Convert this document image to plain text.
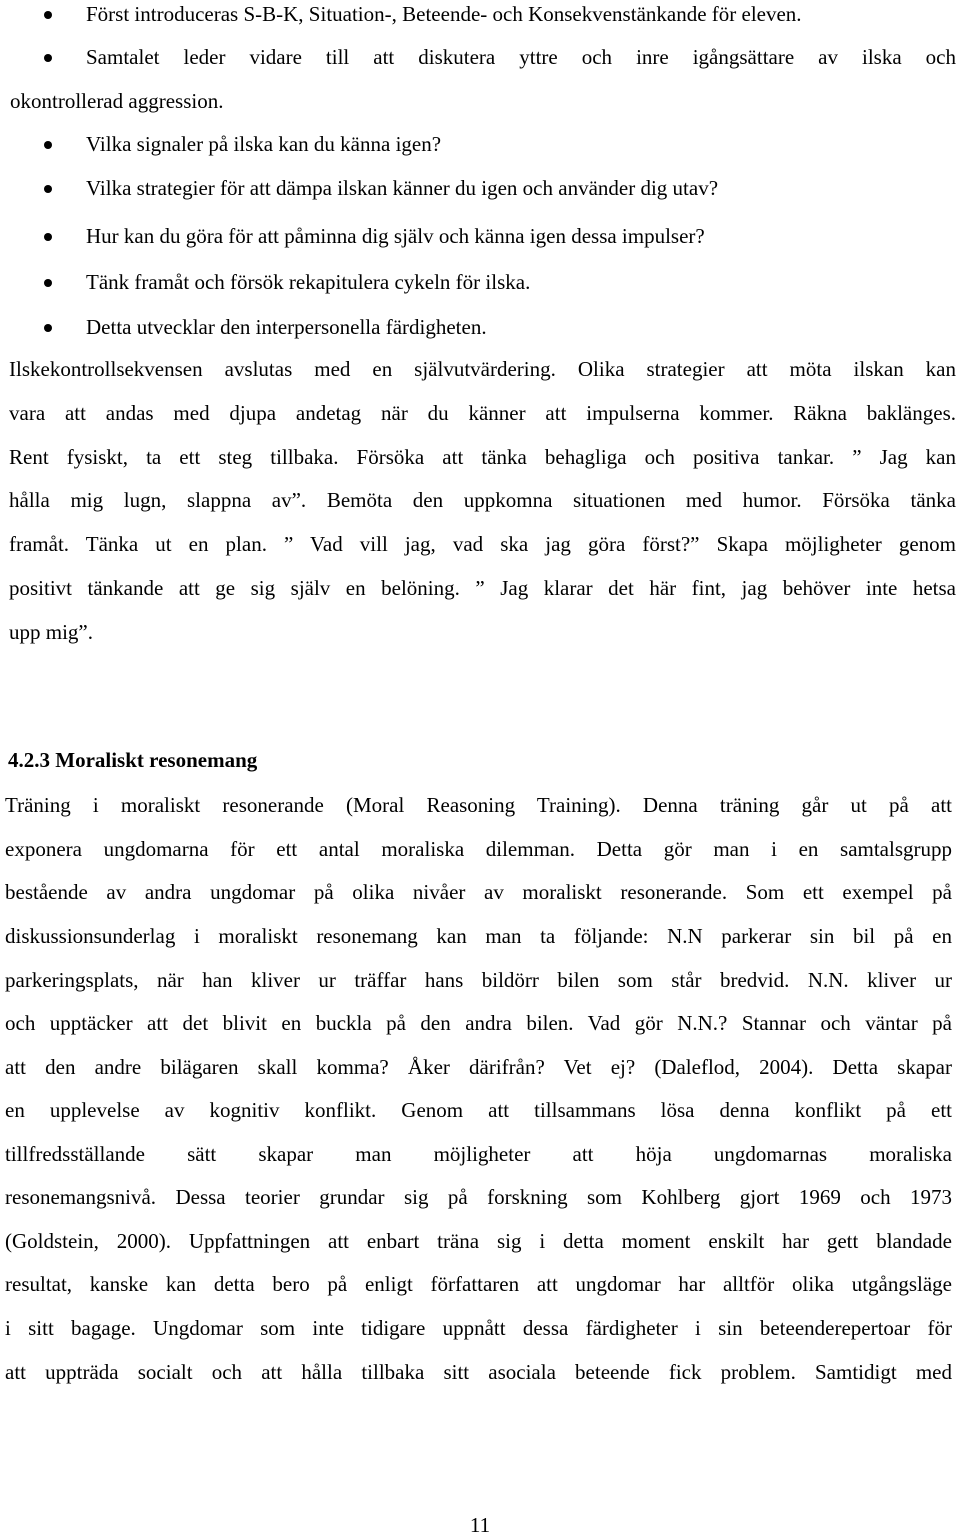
Först introduceras S-B-K, Situation-, Beteende- och Konsekvenstänkande för eleven.
Samtalet leder vidare till att diskutera yttre och inre igångsättare av ilska och
okontrollerad aggression.
Vilka signaler på ilska kan du känna igen?
Vilka strategier för att dämpa ilskan känner du igen och använder dig utav?
Hur kan du göra för att påminna dig själv och känna igen dessa impulser?
Tänk framåt och försök rekapitulera cykeln för ilska.
Detta utvecklar den interpersonella färdigheten.
Ilskekontrollsekvensen avslutas med en självutvärdering. Olika strategier att möta ilskan kan
vara att andas med djupa andetag när du känner att impulserna kommer. Räkna baklänges.
Rent fysiskt, ta ett steg tillbaka. Försöka att tänka behagliga och positiva tankar. ” Jag kan
hålla mig lugn, slappna av”. Bemöta den uppkomna situationen med humor. Försöka tänka
framåt. Tänka ut en plan. ” Vad vill jag, vad ska jag göra först?” Skapa möjligheter genom
positivt tänkande att ge sig själv en belöning. ” Jag klarar det här fint, jag behöver inte hetsa
upp mig”.
4.2.3 Moraliskt resonemang
Träning i moraliskt resonerande (Moral Reasoning Training). Denna träning går ut på att
exponera ungdomarna för ett antal moraliska dilemman. Detta gör man i en samtalsgrupp
bestående av andra ungdomar på olika nivåer av moraliskt resonerande. Som ett exempel på
diskussionsunderlag i moraliskt resonemang kan man ta följande: N.N parkerar sin bil på en
parkeringsplats, när han kliver ur träffar hans bildörr bilen som står bredvid. N.N. kliver ur
och upptäcker att det blivit en buckla på den andra bilen. Vad gör N.N.? Stannar och väntar på
att den andre bilägaren skall komma? Åker därifrån? Vet ej? (Daleflod, 2004). Detta skapar
en upplevelse av kognitiv konflikt. Genom att tillsammans lösa denna konflikt på ett
tillfredsställande sätt skapar man möjligheter att höja ungdomarnas moraliska
resonemangsnivå. Dessa teorier grundar sig på forskning som Kohlberg gjort 1969 och 1973
(Goldstein, 2000). Uppfattningen att enbart träna sig i detta moment enskilt har gett blandade
resultat, kanske kan detta bero på enligt författaren att ungdomar har alltför olika utgångsläge
i sitt bagage. Ungdomar som inte tidigare uppnått dessa färdigheter i sin beteenderepertoar för
att uppträda socialt och att hålla tillbaka sitt asociala beteende fick problem. Samtidigt med
11
